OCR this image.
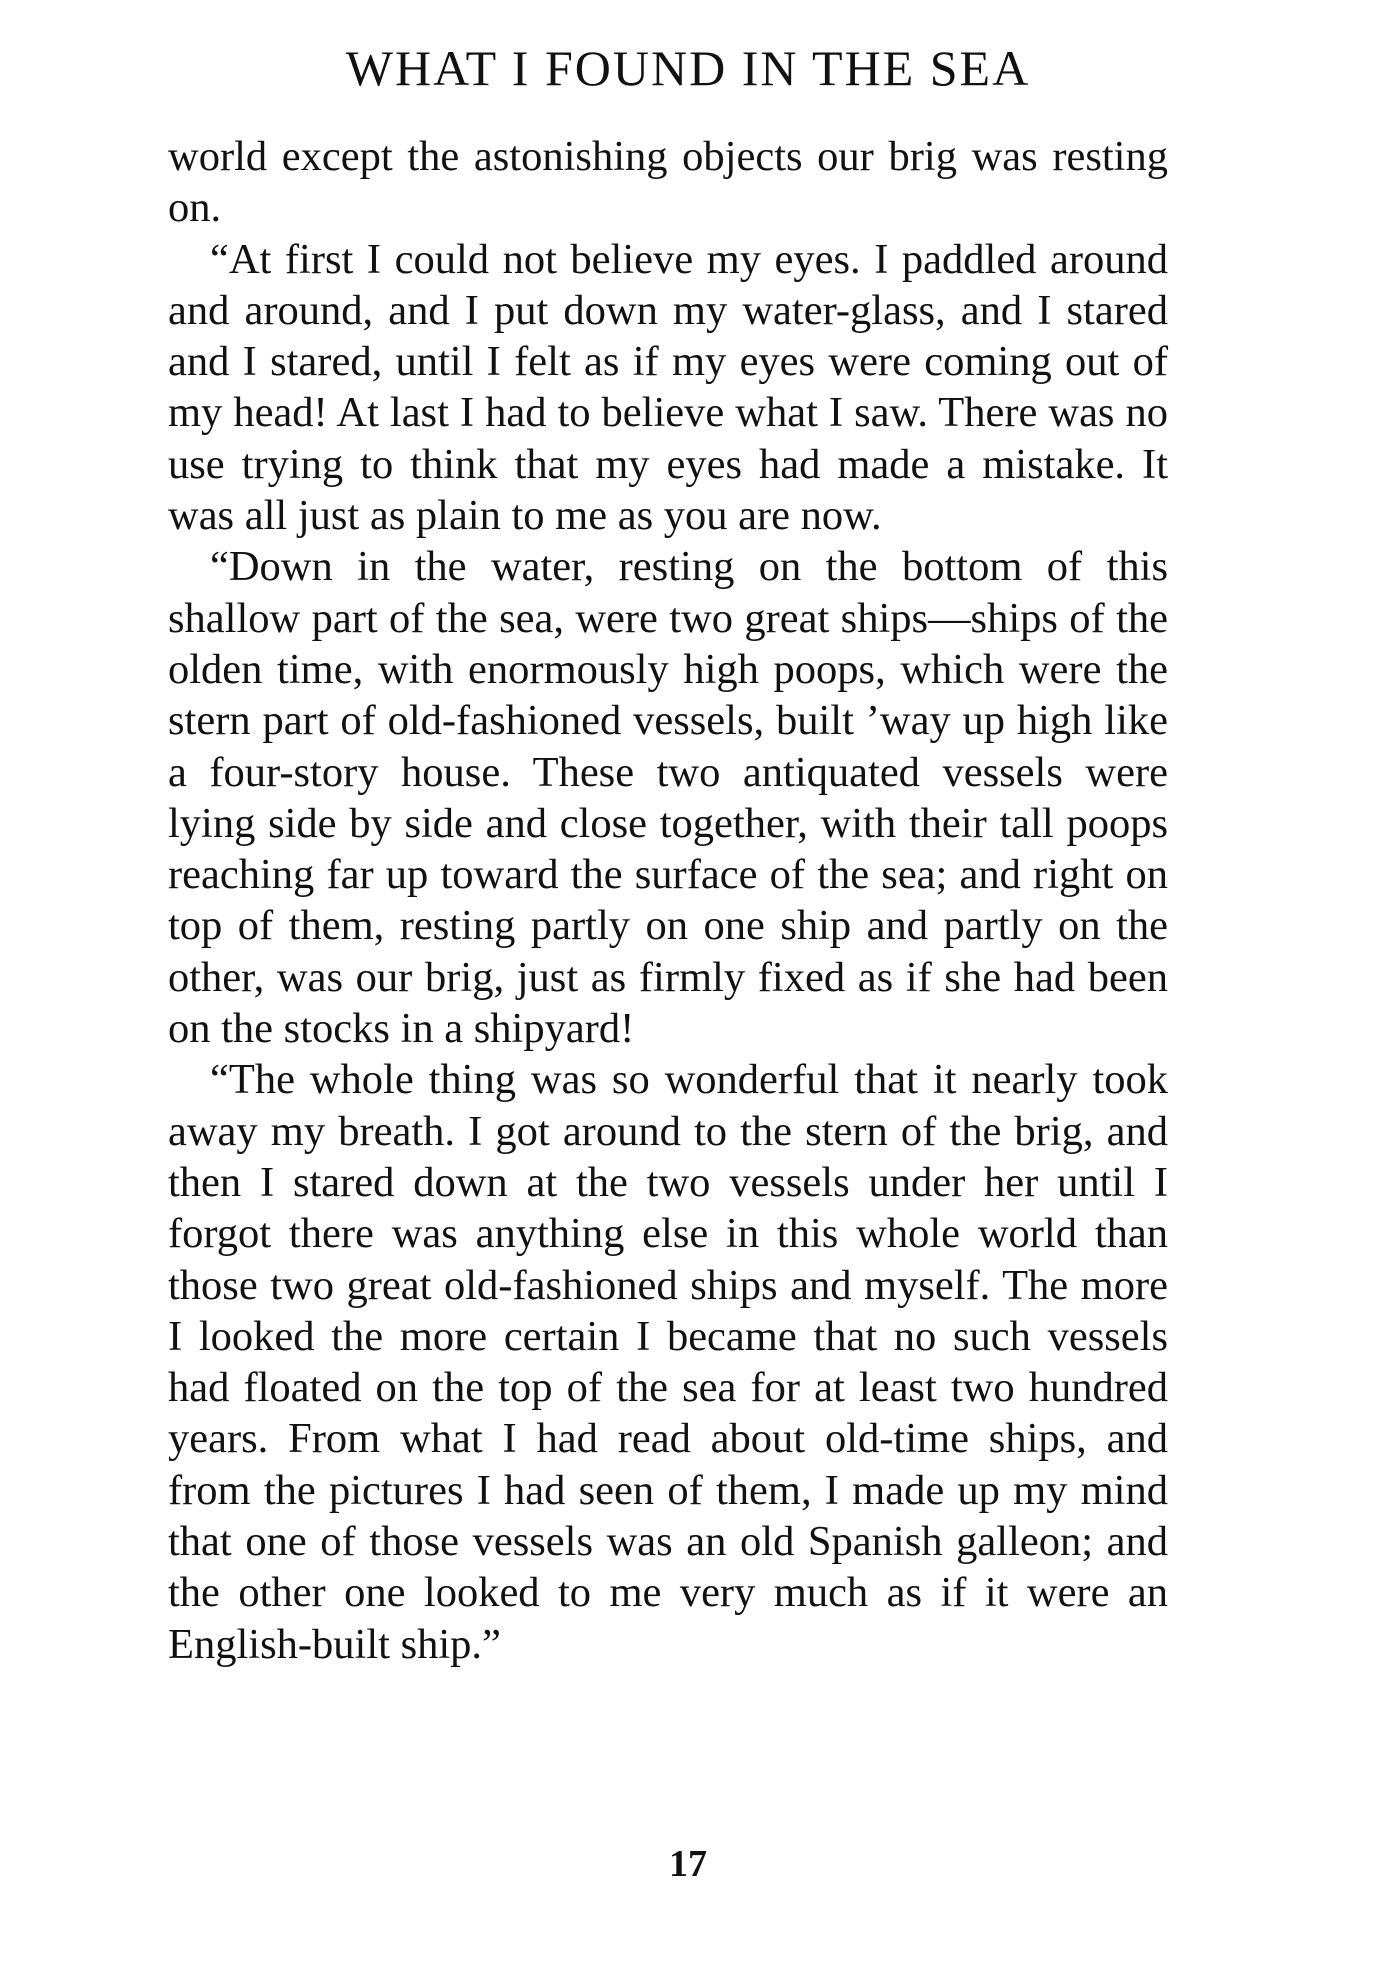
WHAT I FOUND IN THE SEA

world except the astonishing objects our brig was resting on.

“At first I could not believe my eyes. I paddled around and around, and I put down my water-glass, and I stared and I stared, until I felt as if my eyes were coming out of my head! At last I had to believe what I saw. There was no use trying to think that my eyes had made a mistake. It was all just as plain to me as you are now.

“Down in the water, resting on the bottom of this shallow part of the sea, were two great ships—ships of the olden time, with enormously high poops, which were the stern part of old-fashioned vessels, built ’way up high like a four-story house. These two antiquated vessels were lying side by side and close together, with their tall poops reaching far up toward the surface of the sea; and right on top of them, resting partly on one ship and partly on the other, was our brig, just as firmly fixed as if she had been on the stocks in a shipyard!

“The whole thing was so wonderful that it nearly took away my breath. I got around to the stern of the brig, and then I stared down at the two vessels under her until I forgot there was anything else in this whole world than those two great old-fashioned ships and myself. The more I looked the more certain I became that no such vessels had floated on the top of the sea for at least two hundred years. From what I had read about old-time ships, and from the pictures I had seen of them, I made up my mind that one of those vessels was an old Spanish galleon; and the other one looked to me very much as if it were an English-built ship.”

17
